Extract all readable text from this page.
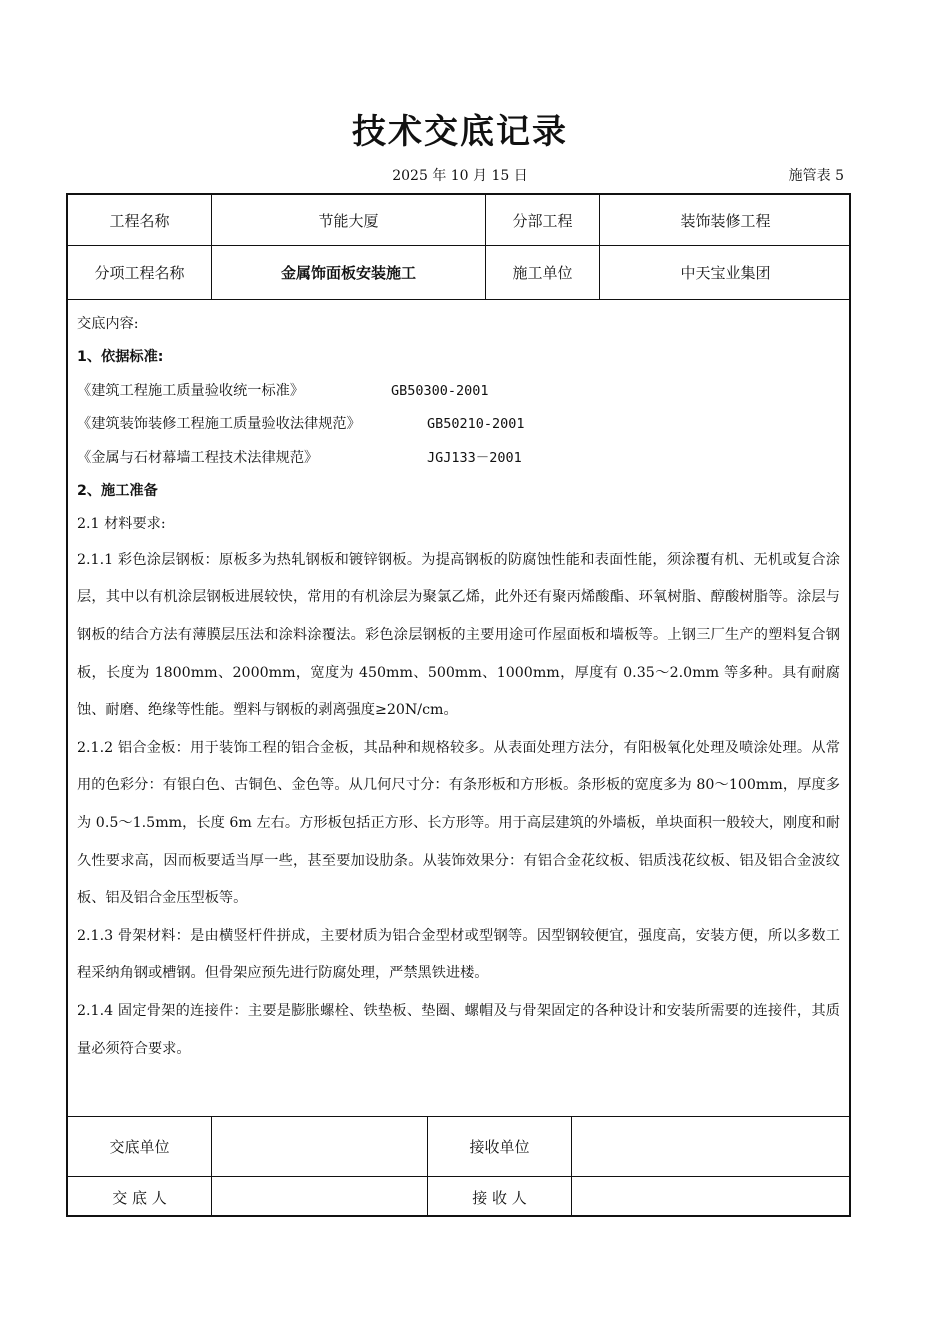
技术交底记录
2025 年 10 月 15 日	施管表 5
工程名称	节能大厦	分部工程	装饰装修工程
分项工程名称	金属饰面板安装施工	施工单位	中天宝业集团
交底内容:
1、依据标准:
《建筑工程施工质量验收统一标准》	GB50300-2001
《建筑装饰装修工程施工质量验收法律规范》	GB50210-2001
《金属与石材幕墙工程技术法律规范》	JGJ133－2001
2、施工准备
2.1 材料要求:
2.1.1 彩色涂层钢板：原板多为热轧钢板和镀锌钢板。为提高钢板的防腐蚀性能和表面性能，须涂覆有机、无机或复合涂层，其中以有机涂层钢板进展较快，常用的有机涂层为聚氯乙烯，此外还有聚丙烯酸酯、环氧树脂、醇酸树脂等。涂层与钢板的结合方法有薄膜层压法和涂料涂覆法。彩色涂层钢板的主要用途可作屋面板和墙板等。上钢三厂生产的塑料复合钢板，长度为 1800mm、2000mm，宽度为 450mm、500mm、1000mm，厚度有 0.35～2.0mm 等多种。具有耐腐蚀、耐磨、绝缘等性能。塑料与钢板的剥离强度≥20N/cm。
2.1.2 铝合金板：用于装饰工程的铝合金板，其品种和规格较多。从表面处理方法分，有阳极氧化处理及喷涂处理。从常用的色彩分：有银白色、古铜色、金色等。从几何尺寸分：有条形板和方形板。条形板的宽度多为 80～100mm，厚度多为 0.5～1.5mm，长度 6m 左右。方形板包括正方形、长方形等。用于高层建筑的外墙板，单块面积一般较大，刚度和耐久性要求高，因而板要适当厚一些，甚至要加设肋条。从装饰效果分：有铝合金花纹板、铝质浅花纹板、铝及铝合金波纹板、铝及铝合金压型板等。
2.1.3 骨架材料：是由横竖杆件拼成，主要材质为铝合金型材或型钢等。因型钢较便宜，强度高，安装方便，所以多数工程采纳角钢或槽钢。但骨架应预先进行防腐处理，严禁黑铁进楼。
2.1.4 固定骨架的连接件：主要是膨胀螺栓、铁垫板、垫圈、螺帽及与骨架固定的各种设计和安装所需要的连接件，其质量必须符合要求。
交底单位	接收单位
交 底 人	接 收 人
